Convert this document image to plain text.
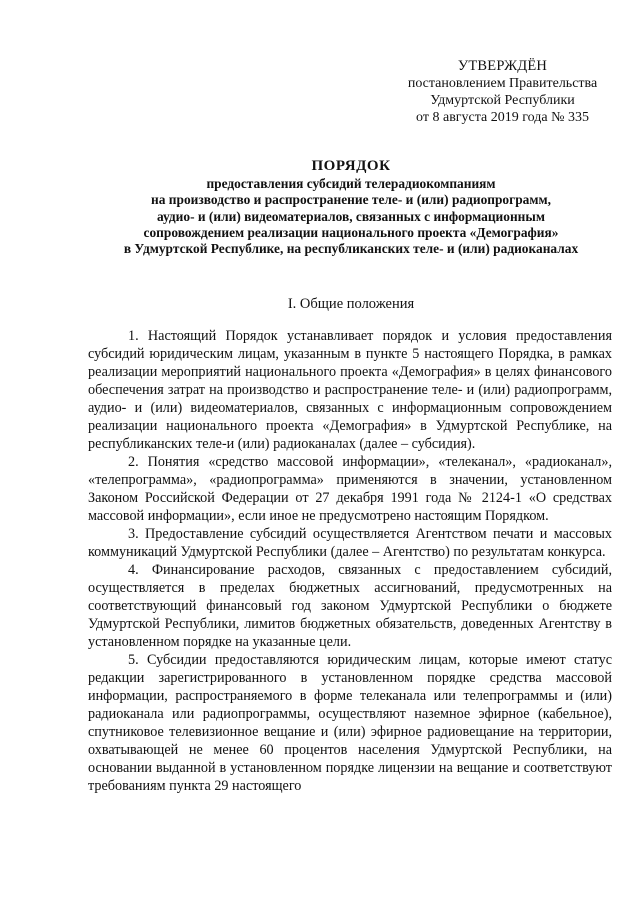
УТВЕРЖДЁН
постановлением Правительства
Удмуртской Республики
от 8 августа 2019 года № 335
ПОРЯДОК
предоставления субсидий телерадиокомпаниям
на производство и распространение теле- и (или) радиопрограмм,
аудио- и (или) видеоматериалов, связанных с информационным
сопровождением реализации национального проекта «Демография»
в Удмуртской Республике, на республиканских теле- и (или) радиоканалах
I. Общие положения

1. Настоящий Порядок устанавливает порядок и условия предоставления субсидий юридическим лицам, указанным в пункте 5 настоящего Порядка, в рамках реализации мероприятий национального проекта «Демография» в целях финансового обеспечения затрат на производство и распространение теле- и (или) радиопрограмм, аудио- и (или) видеоматериалов, связанных с информационным сопровождением реализации национального проекта «Демография» в Удмуртской Республике, на республиканских теле-и (или) радиоканалах (далее – субсидия).

2. Понятия «средство массовой информации», «телеканал», «радиоканал», «телепрограмма», «радиопрограмма» применяются в значении, установленном Законом Российской Федерации от 27 декабря 1991 года № 2124-1 «О средствах массовой информации», если иное не предусмотрено настоящим Порядком.

3. Предоставление субсидий осуществляется Агентством печати и массовых коммуникаций Удмуртской Республики (далее – Агентство) по результатам конкурса.

4. Финансирование расходов, связанных с предоставлением субсидий, осуществляется в пределах бюджетных ассигнований, предусмотренных на соответствующий финансовый год законом Удмуртской Республики о бюджете Удмуртской Республики, лимитов бюджетных обязательств, доведенных Агентству в установленном порядке на указанные цели.

5. Субсидии предоставляются юридическим лицам, которые имеют статус редакции зарегистрированного в установленном порядке средства массовой информации, распространяемого в форме телеканала или телепрограммы и (или) радиоканала или радиопрограммы, осуществляют наземное эфирное (кабельное), спутниковое телевизионное вещание и (или) эфирное радиовещание на территории, охватывающей не менее 60 процентов населения Удмуртской Республики, на основании выданной в установленном порядке лицензии на вещание и соответствуют требованиям пункта 29 настоящего
